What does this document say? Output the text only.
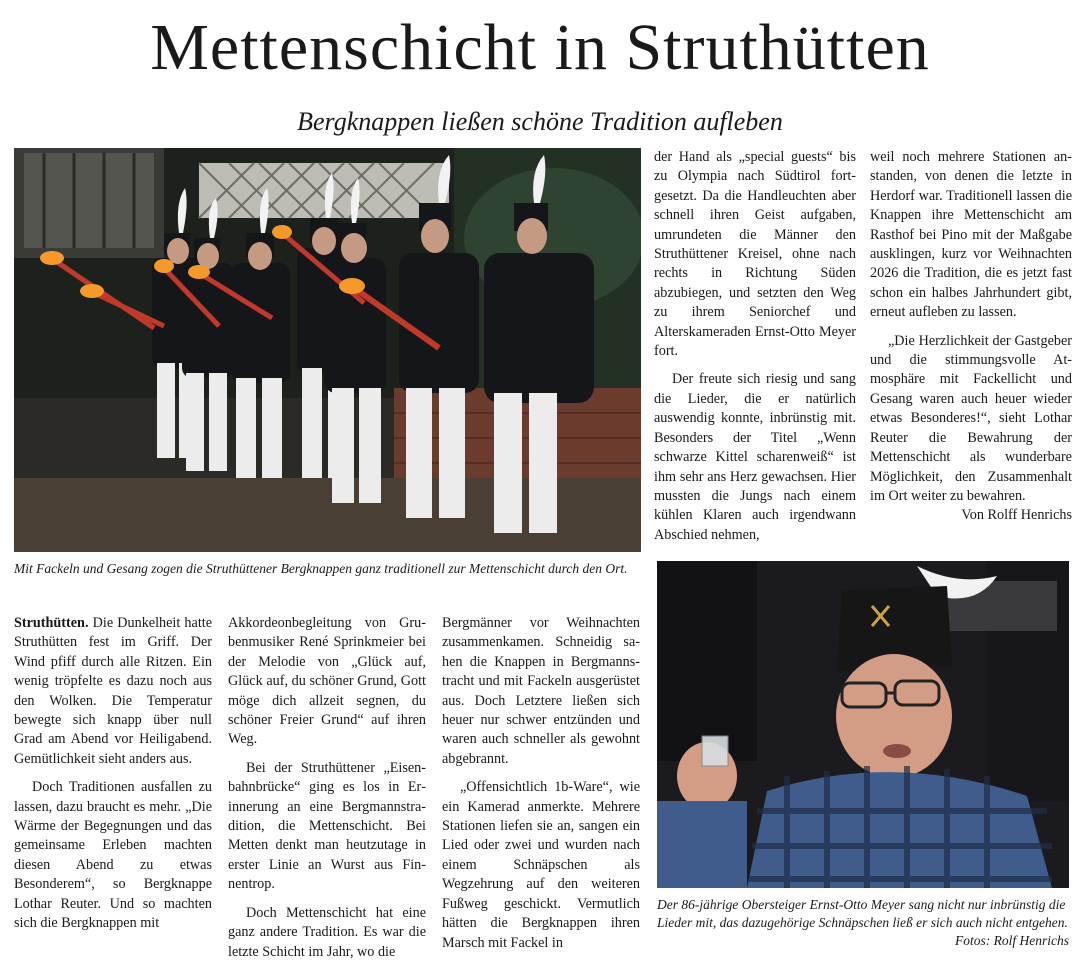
Mettenschicht in Struthütten
Bergknappen ließen schöne Tradition aufleben
Mit Fackeln und Gesang zogen die Struthüttener Bergknappen ganz traditionell zur Mettenschicht durch den Ort.
Der 86-jährige Obersteiger Ernst-Otto Meyer sang nicht nur inbrünstig die Lieder mit, das dazugehörige Schnäpschen ließ er sich auch nicht entgehen.
Fotos: Rolf Henrichs

Struthütten. Die Dunkelheit hatte Struthütten fest im Griff. Der Wind pfiff durch alle Ritzen. Ein wenig tröpfelte es dazu noch aus den Wolken. Die Temperatur bewegte sich knapp über null Grad am Abend vor Heiligabend. Gemütlichkeit sieht anders aus.

Doch Traditionen ausfallen zu lassen, dazu braucht es mehr. „Die Wärme der Begegnungen und das gemeinsame Erleben machten diesen Abend zu etwas Besonderem“, so Bergknappe Lothar Reuter. Und so machten sich die Bergknappen mit

Akkordeonbegleitung von Grubenmusiker René Sprinkmeier bei der Melodie von „Glück auf, Glück auf, du schöner Grund, Gott möge dich allzeit segnen, du schöner Freier Grund“ auf ihren Weg.

Bei der Struthüttener „Eisenbahnbrücke“ ging es los in Erinnerung an eine Bergmannstradition, die Mettenschicht. Bei Metten denkt man heutzutage in erster Linie an Wurst aus Finnentrop.

Doch Mettenschicht hat eine ganz andere Tradition. Es war die letzte Schicht im Jahr, wo die

Bergmänner vor Weihnachten zusammenkamen. Schneidig sahen die Knappen in Bergmannstracht und mit Fackeln ausgerüstet aus. Doch Letztere ließen sich heuer nur schwer entzünden und waren auch schneller als gewohnt abgebrannt.

„Offensichtlich 1b-Ware“, wie ein Kamerad anmerkte. Mehrere Stationen liefen sie an, sangen ein Lied oder zwei und wurden nach einem Schnäpschen als Wegzehrung auf den weiteren Fußweg geschickt. Vermutlich hätten die Bergknappen ihren Marsch mit Fackel in

der Hand als „special guests“ bis zu Olympia nach Südtirol fortgesetzt. Da die Handleuchten aber schnell ihren Geist aufgaben, umrundeten die Männer den Struthüttener Kreisel, ohne nach rechts in Richtung Süden abzubiegen, und setzten den Weg zu ihrem Seniorchef und Alterskameraden Ernst-Otto Meyer fort.

Der freute sich riesig und sang die Lieder, die er natürlich auswendig konnte, inbrünstig mit. Besonders der Titel „Wenn schwarze Kittel scharenweiß“ ist ihm sehr ans Herz gewachsen. Hier mussten die Jungs nach einem kühlen Klaren auch irgendwann Abschied nehmen,

weil noch mehrere Stationen anstanden, von denen die letzte in Herdorf war. Traditionell lassen die Knappen ihre Mettenschicht am Rasthof bei Pino mit der Maßgabe ausklingen, kurz vor Weihnachten 2026 die Tradition, die es jetzt fast schon ein halbes Jahrhundert gibt, erneut aufleben zu lassen.

„Die Herzlichkeit der Gastgeber und die stimmungsvolle Atmosphäre mit Fackellicht und Gesang waren auch heuer wieder etwas Besonderes!“, sieht Lothar Reuter die Bewahrung der Mettenschicht als wunderbare Möglichkeit, den Zusammenhalt im Ort weiter zu bewahren.
Von Rolff Henrichs
